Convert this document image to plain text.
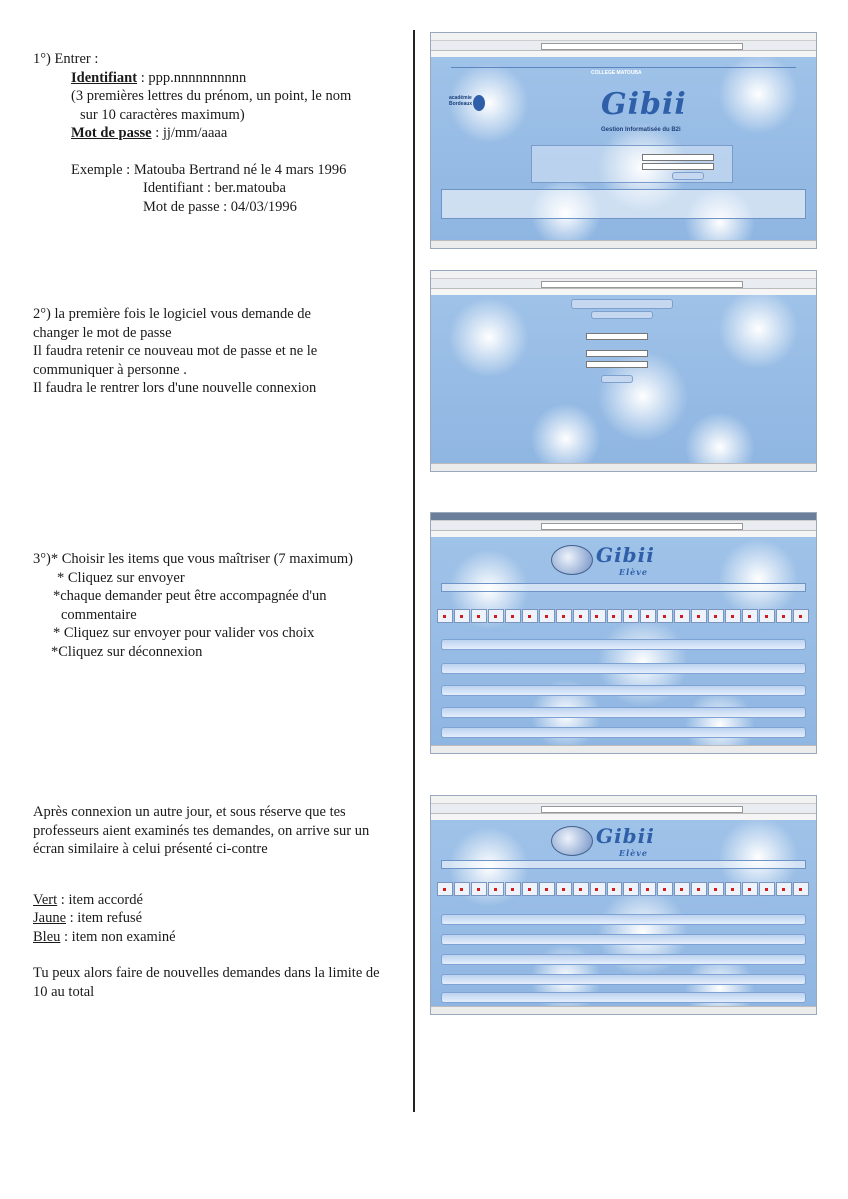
1°) Entrer :

Identifiant : ppp.nnnnnnnnnn

(3 premières lettres du prénom, un point, le nom

sur 10 caractères maximum)

Mot de passe : jj/mm/aaaa

Exemple : Matouba Bertrand né le 4 mars 1996

Identifiant : ber.matouba

Mot de passe : 04/03/1996

2°) la première fois le logiciel vous demande de

changer le mot de passe

Il faudra retenir ce nouveau mot de passe et ne le

communiquer à personne .

Il faudra le rentrer lors d'une nouvelle connexion

3°)* Choisir les items que vous maîtriser (7 maximum)

* Cliquez sur envoyer

*chaque demander peut être accompagnée d'un

commentaire

* Cliquez sur envoyer pour valider vos choix

*Cliquez sur déconnexion

Après connexion un autre jour, et sous réserve que tes

professeurs aient examinés tes demandes, on arrive sur un

écran similaire à celui présenté ci-contre

Vert : item accordé

Jaune : item refusé

Bleu : item non examiné

Tu peux alors faire de nouvelles demandes dans la limite de

10 au total

COLLEGE MATOUBA
académie Bordeaux	Gibii
Gestion Informatisée du B2i
Gibii
Elève
Gibii
Elève
